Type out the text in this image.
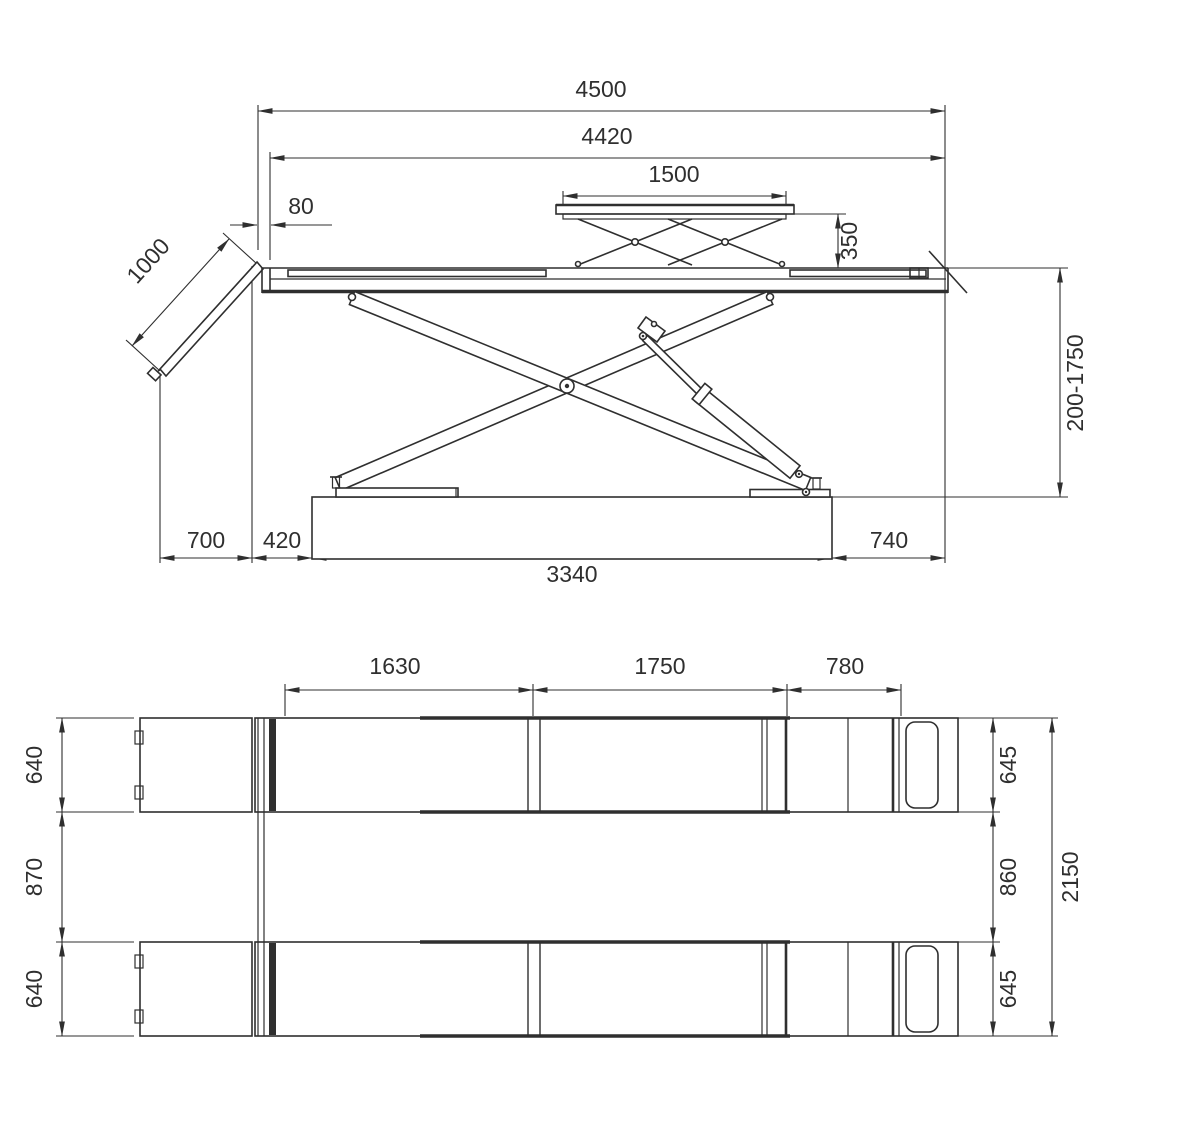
4500
4420
1500
80
350
1000
200-1750
700 420
3340
740
1630	1750	780
640
870
640
645
860
645
2150
